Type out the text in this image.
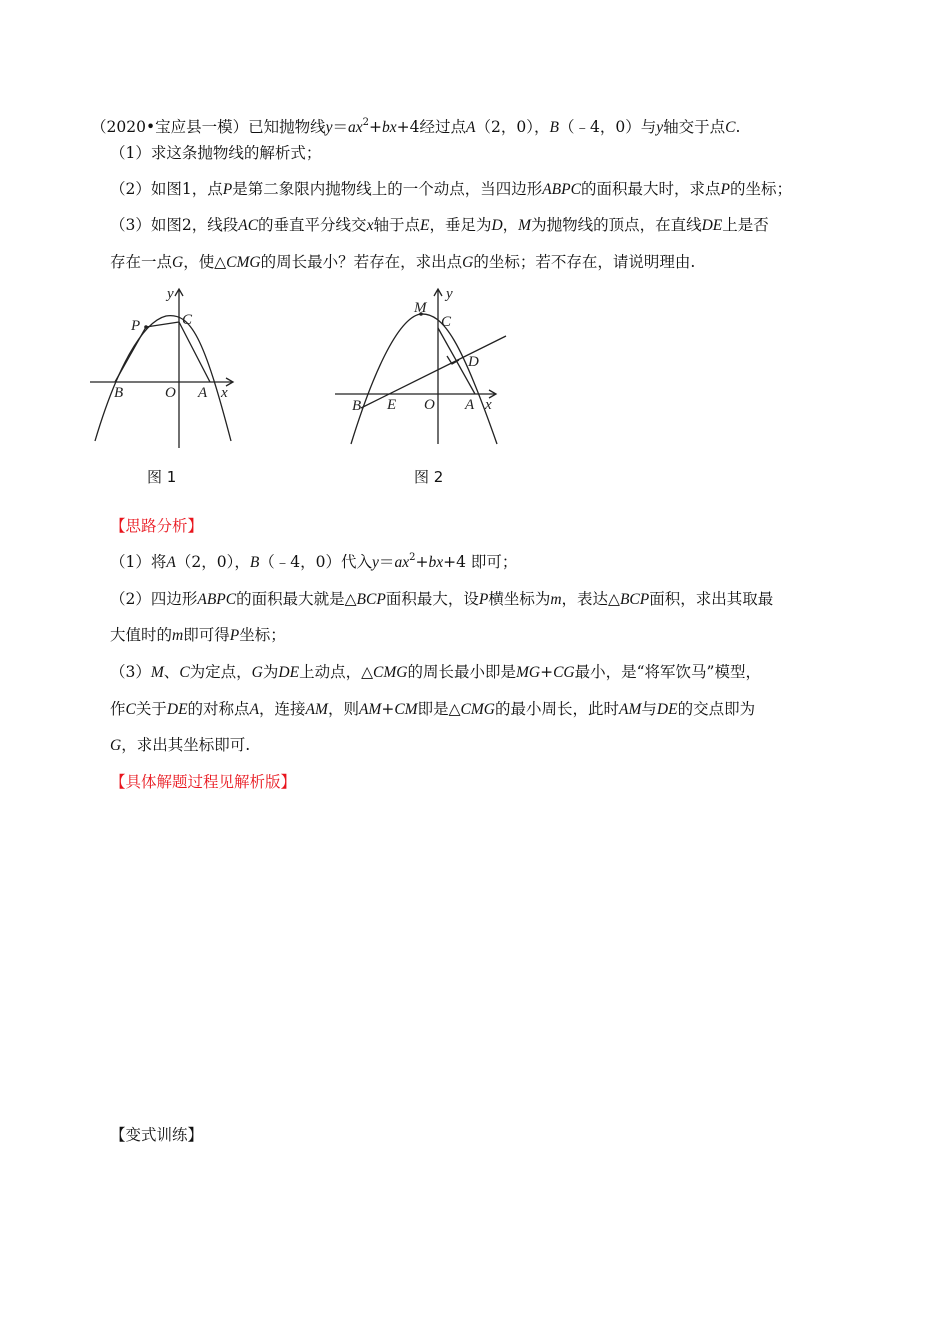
（2020•宝应县一模）已知抛物线$y=ax^2+bx+4$经过点A（2，0），B（﹣4，0）与y轴交于点C.
（1）求这条抛物线的解析式；
（2）如图1，点P是第二象限内抛物线上的一个动点，当四边形ABPC的面积最大时，求点P的坐标；
（3）如图2，线段AC的垂直平分线交x轴于点E，垂足为D，M为抛物线的顶点，在直线DE上是否
存在一点G，使△CMG的周长最小？若存在，求出点G的坐标；若不存在，请说明理由.
y
C
P
B	O A x
图 1
y
M
C
D
B E O A x
图 2
【思路分析】
（1）将A（2，0），B（﹣4，0）代入$y=ax^2+bx+4$ 即可；
（2）四边形ABPC的面积最大就是△BCP面积最大，设P横坐标为m，表达△BCP面积，求出其取最
大值时的m即可得P坐标；
（3）M、C为定点，G为DE上动点，△CMG的周长最小即是MG+CG最小，是“将军饮马”模型，
作C关于DE的对称点A，连接AM，则AM+CM即是△CMG的最小周长，此时AM与DE的交点即为
G，求出其坐标即可.
【具体解题过程见解析版】
【变式训练】
